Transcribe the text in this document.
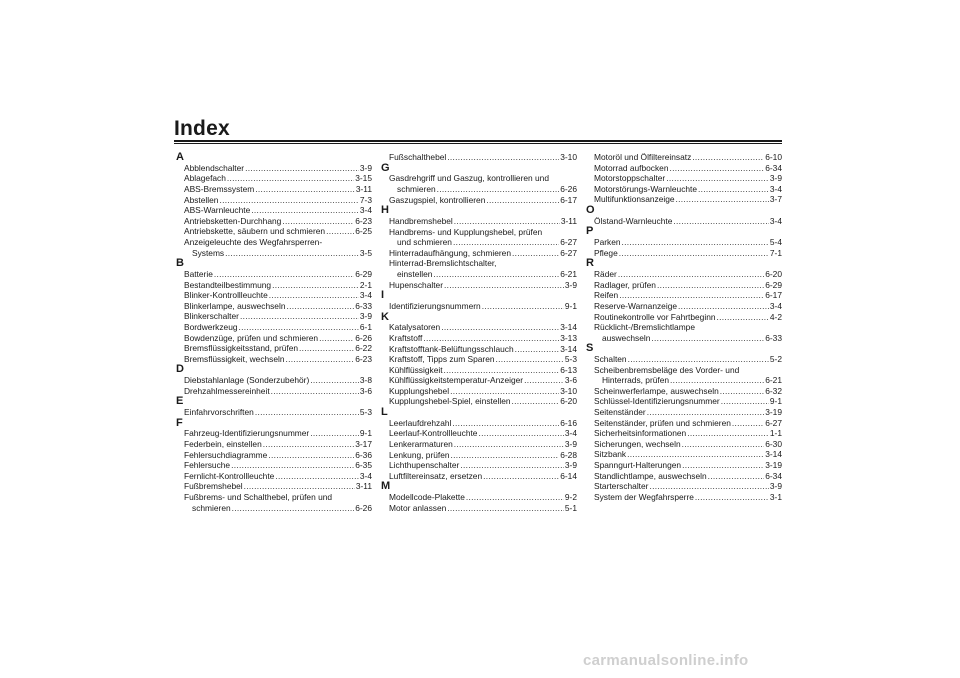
Index
A
Abblendschalter .....	3-9
Ablagefach .....	3-15
ABS-Bremssystem .....	3-11
Abstellen .....	7-3
ABS-Warnleuchte .....	3-4
Antriebsketten-Durchhang .....	6-23
Antriebskette, säubern und schmieren .....	6-25
Anzeigeleuchte des Wegfahrsperren-
Systems .....	3-5
B
Batterie .....	6-29
Bestandteilbestimmung .....	2-1
Blinker-Kontrollleuchte .....	3-4
Blinkerlampe, auswechseln .....	6-33
Blinkerschalter .....	3-9
Bordwerkzeug .....	6-1
Bowdenzüge, prüfen und schmieren .....	6-26
Bremsflüssigkeitsstand, prüfen .....	6-22
Bremsflüssigkeit, wechseln .....	6-23
D
Diebstahlanlage (Sonderzubehör) .....	3-8
Drehzahlmessereinheit .....	3-6
E
Einfahrvorschriften .....	5-3
F
Fahrzeug-Identifizierungsnummer .....	9-1
Federbein, einstellen .....	3-17
Fehlersuchdiagramme .....	6-36
Fehlersuche .....	6-35
Fernlicht-Kontrollleuchte .....	3-4
Fußbremshebel .....	3-11
Fußbrems- und Schalthebel, prüfen und
schmieren .....	6-26
Fußschalthebel .....	3-10
G
Gasdrehgriff und Gaszug, kontrollieren und
schmieren .....	6-26
Gaszugspiel, kontrollieren .....	6-17
H
Handbremshebel .....	3-11
Handbrems- und Kupplungshebel, prüfen
und schmieren .....	6-27
Hinterradaufhängung, schmieren .....	6-27
Hinterrad-Bremslichtschalter,
einstellen .....	6-21
Hupenschalter .....	3-9
I
Identifizierungsnummern .....	9-1
K
Katalysatoren .....	3-14
Kraftstoff .....	3-13
Kraftstofftank-Belüftungsschlauch .....	3-14
Kraftstoff, Tipps zum Sparen .....	5-3
Kühlflüssigkeit .....	6-13
Kühlflüssigkeitstemperatur-Anzeiger .....	3-6
Kupplungshebel .....	3-10
Kupplungshebel-Spiel, einstellen .....	6-20
L
Leerlaufdrehzahl .....	6-16
Leerlauf-Kontrollleuchte .....	3-4
Lenkerarmaturen .....	3-9
Lenkung, prüfen .....	6-28
Lichthupenschalter .....	3-9
Luftfiltereinsatz, ersetzen .....	6-14
M
Modellcode-Plakette .....	9-2
Motor anlassen .....	5-1
Motoröl und Ölfiltereinsatz .....	6-10
Motorrad aufbocken .....	6-34
Motorstoppschalter .....	3-9
Motorstörungs-Warnleuchte .....	3-4
Multifunktionsanzeige .....	3-7
O
Ölstand-Warnleuchte .....	3-4
P
Parken .....	5-4
Pflege .....	7-1
R
Räder .....	6-20
Radlager, prüfen .....	6-29
Reifen .....	6-17
Reserve-Warnanzeige .....	3-4
Routinekontrolle vor Fahrtbeginn .....	4-2
Rücklicht-/Bremslichtlampe
auswechseln .....	6-33
S
Schalten .....	5-2
Scheibenbremsbeläge des Vorder- und
Hinterrads, prüfen .....	6-21
Scheinwerferlampe, auswechseln .....	6-32
Schlüssel-Identifizierungsnummer .....	9-1
Seitenständer .....	3-19
Seitenständer, prüfen und schmieren .....	6-27
Sicherheitsinformationen .....	1-1
Sicherungen, wechseln .....	6-30
Sitzbank .....	3-14
Spanngurt-Halterungen .....	3-19
Standlichtlampe, auswechseln .....	6-34
Starterschalter .....	3-9
System der Wegfahrsperre .....	3-1
carmanualsonline.info
